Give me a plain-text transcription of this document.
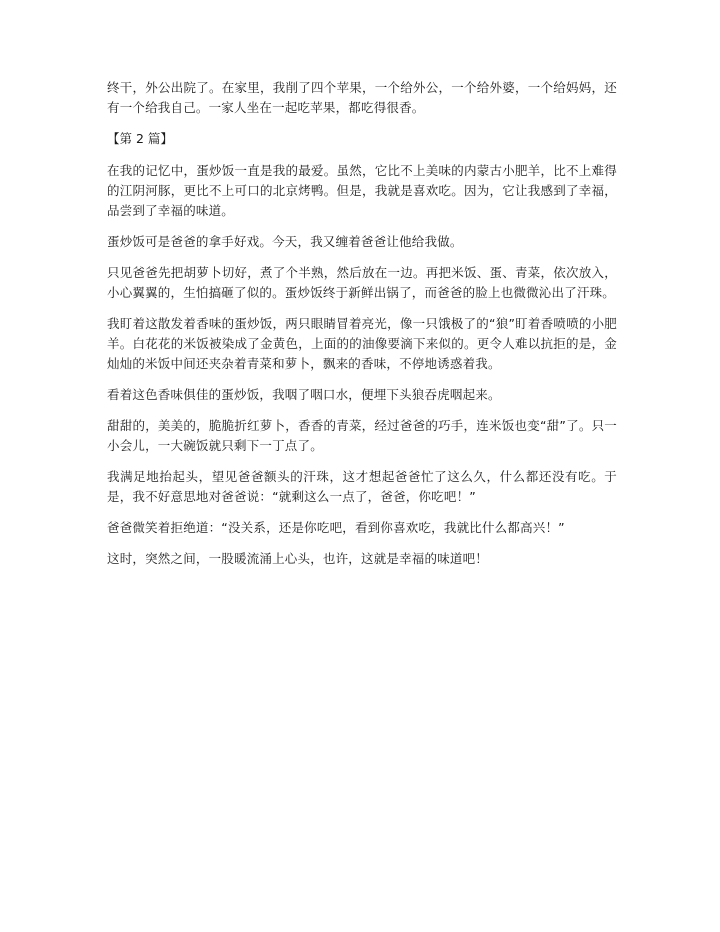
终干，外公出院了。在家里，我削了四个苹果，一个给外公，一个给外婆，一个给妈妈，还有一个给我自己。一家人坐在一起吃苹果，都吃得很香。

【第 2 篇】

在我的记忆中，蛋炒饭一直是我的最爱。虽然，它比不上美味的内蒙古小肥羊，比不上难得的江阴河豚，更比不上可口的北京烤鸭。但是，我就是喜欢吃。因为，它让我感到了幸福，品尝到了幸福的味道。

蛋炒饭可是爸爸的拿手好戏。今天，我又缠着爸爸让他给我做。

只见爸爸先把胡萝卜切好，煮了个半熟，然后放在一边。再把米饭、蛋、青菜，依次放入，小心翼翼的，生怕搞砸了似的。蛋炒饭终于新鲜出锅了，而爸爸的脸上也微微沁出了汗珠。

我盯着这散发着香味的蛋炒饭，两只眼睛冒着亮光，像一只饿极了的“狼”盯着香喷喷的小肥羊。白花花的米饭被染成了金黄色，上面的的油像要滴下来似的。更令人难以抗拒的是，金灿灿的米饭中间还夹杂着青菜和萝卜，飘来的香味，不停地诱惑着我。

看着这色香味俱佳的蛋炒饭，我咽了咽口水，便埋下头狼吞虎咽起来。

甜甜的，美美的，脆脆折红萝卜，香香的青菜，经过爸爸的巧手，连米饭也变“甜”了。只一小会儿，一大碗饭就只剩下一丁点了。

我满足地抬起头，望见爸爸额头的汗珠，这才想起爸爸忙了这么久，什么都还没有吃。于是，我不好意思地对爸爸说：“就剩这么一点了，爸爸，你吃吧！”

爸爸微笑着拒绝道：“没关系，还是你吃吧，看到你喜欢吃，我就比什么都高兴！”

这时，突然之间，一股暖流涌上心头，也许，这就是幸福的味道吧！
